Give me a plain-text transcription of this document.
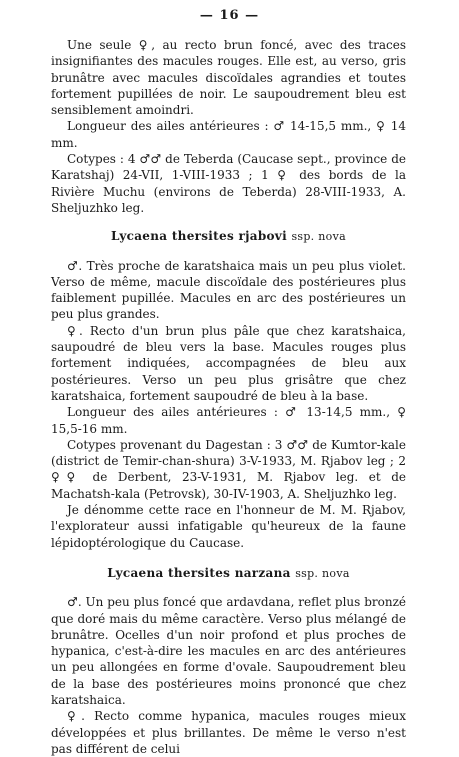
— 16 —

Une seule ♀, au recto brun foncé, avec des traces insignifiantes des macules rouges. Elle est, au verso, gris brunâtre avec macules discoïdales agrandies et toutes fortement pupillées de noir. Le saupoudrement bleu est sensiblement amoindri.

Longueur des ailes antérieures : ♂ 14-15,5 mm., ♀ 14 mm.

Cotypes : 4 ♂♂ de Teberda (Caucase sept., province de Karatshaj) 24-VII, 1-VIII-1933 ; 1 ♀ des bords de la Rivière Muchu (environs de Teberda) 28-VIII-1933, A. Sheljuzhko leg.

Lycaena thersites rjabovi ssp. nova

♂. Très proche de karatshaica mais un peu plus violet. Verso de même, macule discoïdale des postérieures plus faiblement pupillée. Macules en arc des postérieures un peu plus grandes.

♀. Recto d'un brun plus pâle que chez karatshaica, saupoudré de bleu vers la base. Macules rouges plus fortement indiquées, accompagnées de bleu aux postérieures. Verso un peu plus grisâtre que chez karatshaica, fortement saupoudré de bleu à la base.

Longueur des ailes antérieures : ♂ 13-14,5 mm., ♀ 15,5-16 mm.

Cotypes provenant du Dagestan : 3 ♂♂ de Kumtor-kale (district de Temir-chan-shura) 3-V-1933, M. Rjabov leg ; 2 ♀♀ de Derbent, 23-V-1931, M. Rjabov leg. et de Machatsh-kala (Petrovsk), 30-IV-1903, A. Sheljuzhko leg.

Je dénomme cette race en l'honneur de M. M. Rjabov, l'explorateur aussi infatigable qu'heureux de la faune lépidoptérologique du Caucase.

Lycaena thersites narzana ssp. nova

♂. Un peu plus foncé que ardavdana, reflet plus bronzé que doré mais du même caractère. Verso plus mélangé de brunâtre. Ocelles d'un noir profond et plus proches de hypanica, c'est-à-dire les macules en arc des antérieures un peu allongées en forme d'ovale. Saupoudrement bleu de la base des postérieures moins prononcé que chez karatshaica.

♀. Recto comme hypanica, macules rouges mieux développées et plus brillantes. De même le verso n'est pas différent de celui
